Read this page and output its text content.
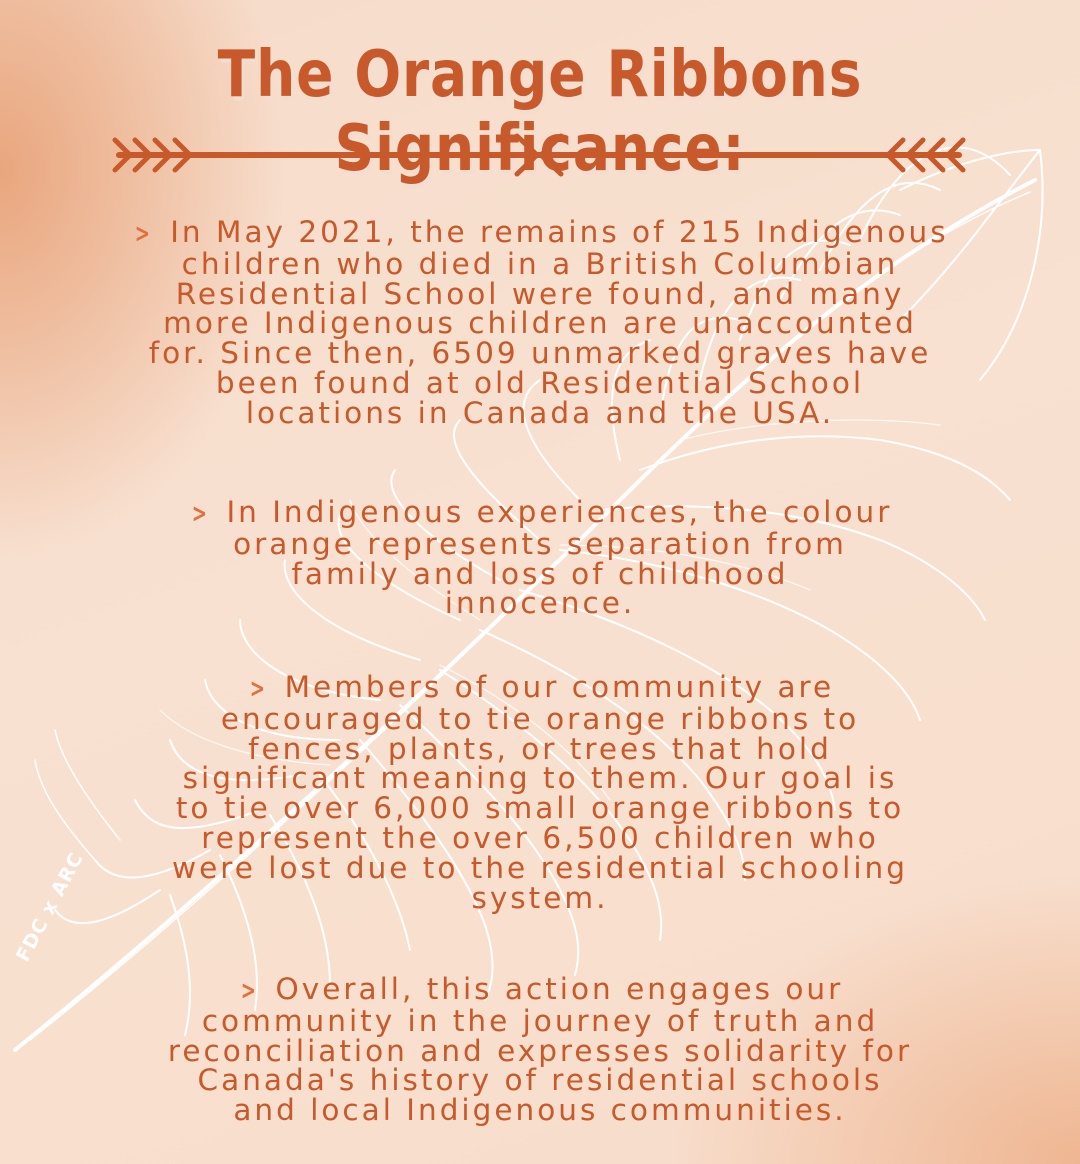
The Orange Ribbons Significance:

> In May 2021, the remains of 215 Indigenous
children who died in a British Columbian
Residential School were found, and many
more Indigenous children are unaccounted
for. Since then, 6509 unmarked graves have
been found at old Residential School
locations in Canada and the USA.

> In Indigenous experiences, the colour
orange represents separation from
family and loss of childhood
innocence.

> Members of our community are
encouraged to tie orange ribbons to
fences, plants, or trees that hold
significant meaning to them. Our goal is
to tie over 6,000 small orange ribbons to
represent the over 6,500 children who
were lost due to the residential schooling
system.

> Overall, this action engages our
community in the journey of truth and
reconciliation and expresses solidarity for
Canada's history of residential schools
and local Indigenous communities.

FDC x ARC
